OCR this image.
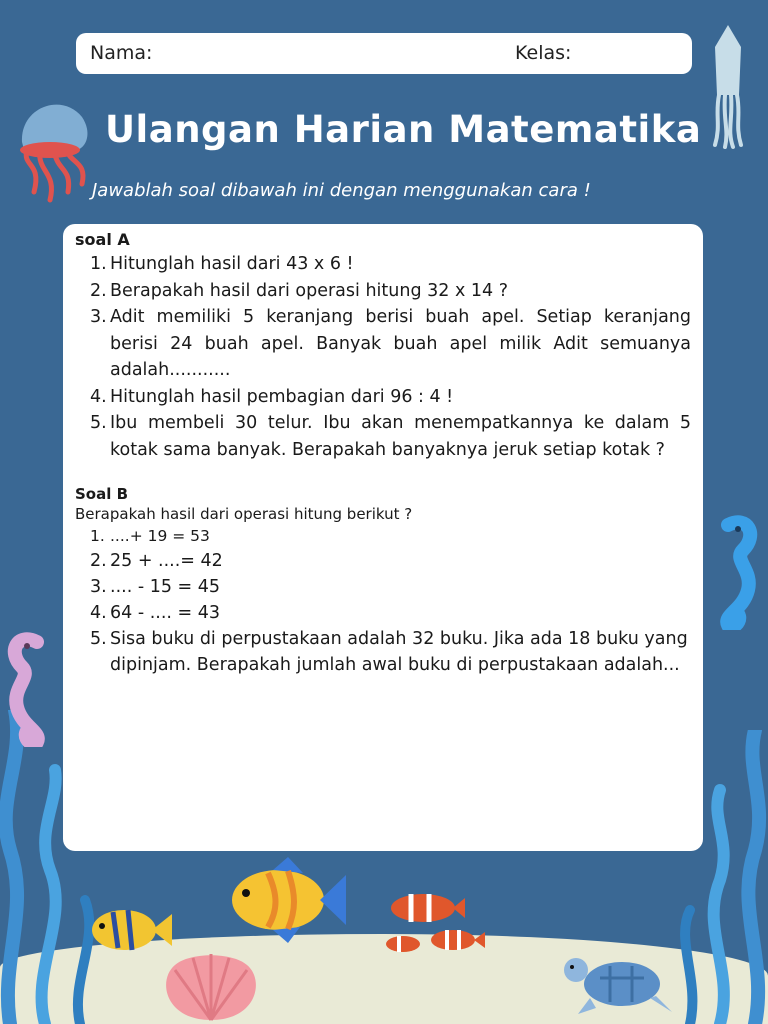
Nama:	Kelas:
Ulangan Harian Matematika
Jawablah soal dibawah ini dengan menggunakan cara !
soal A
1. Hitunglah hasil dari 43 x 6 !
2. Berapakah hasil dari operasi hitung 32 x 14 ?
3. Adit memiliki 5 keranjang berisi buah apel. Setiap keranjang berisi 24 buah apel. Banyak buah apel milik Adit semuanya adalah...........
4. Hitunglah hasil pembagian dari 96 : 4 !
5. Ibu membeli 30 telur. Ibu akan menempatkannya ke dalam 5 kotak sama banyak. Berapakah banyaknya jeruk setiap kotak ?
Soal B
Berapakah hasil dari operasi hitung berikut ?
1. ....+ 19 = 53
2. 25 + ....= 42
3. .... - 15 = 45
4. 64 - .... = 43
5. Sisa buku di perpustakaan adalah 32 buku. Jika ada 18 buku yang dipinjam. Berapakah jumlah awal buku di perpustakaan adalah...
